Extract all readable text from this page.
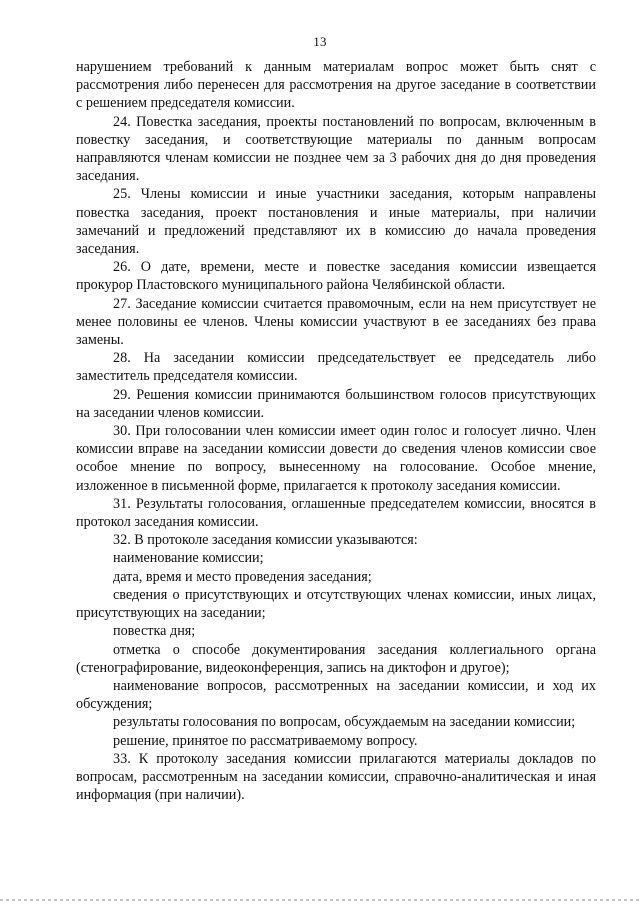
13

нарушением требований к данным материалам вопрос может быть снят с рассмотрения либо перенесен для рассмотрения на другое заседание в соответствии с решением председателя комиссии.

24. Повестка заседания, проекты постановлений по вопросам, включенным в повестку заседания, и соответствующие материалы по данным вопросам направляются членам комиссии не позднее чем за 3 рабочих дня до дня проведения заседания.

25. Члены комиссии и иные участники заседания, которым направлены повестка заседания, проект постановления и иные материалы, при наличии замечаний и предложений представляют их в комиссию до начала проведения заседания.

26. О дате, времени, месте и повестке заседания комиссии извещается прокурор Пластовского муниципального района Челябинской области.

27. Заседание комиссии считается правомочным, если на нем присутствует не менее половины ее членов. Члены комиссии участвуют в ее заседаниях без права замены.

28. На заседании комиссии председательствует ее председатель либо заместитель председателя комиссии.

29. Решения комиссии принимаются большинством голосов присутствующих на заседании членов комиссии.

30. При голосовании член комиссии имеет один голос и голосует лично. Член комиссии вправе на заседании комиссии довести до сведения членов комиссии свое особое мнение по вопросу, вынесенному на голосование. Особое мнение, изложенное в письменной форме, прилагается к протоколу заседания комиссии.

31. Результаты голосования, оглашенные председателем комиссии, вносятся в протокол заседания комиссии.

32. В протоколе заседания комиссии указываются:

наименование комиссии;

дата, время и место проведения заседания;

сведения о присутствующих и отсутствующих членах комиссии, иных лицах, присутствующих на заседании;

повестка дня;

отметка о способе документирования заседания коллегиального органа (стенографирование, видеоконференция, запись на диктофон и другое);

наименование вопросов, рассмотренных на заседании комиссии, и ход их обсуждения;

результаты голосования по вопросам, обсуждаемым на заседании комиссии;

решение, принятое по рассматриваемому вопросу.

33. К протоколу заседания комиссии прилагаются материалы докладов по вопросам, рассмотренным на заседании комиссии, справочно-аналитическая и иная информация (при наличии).
